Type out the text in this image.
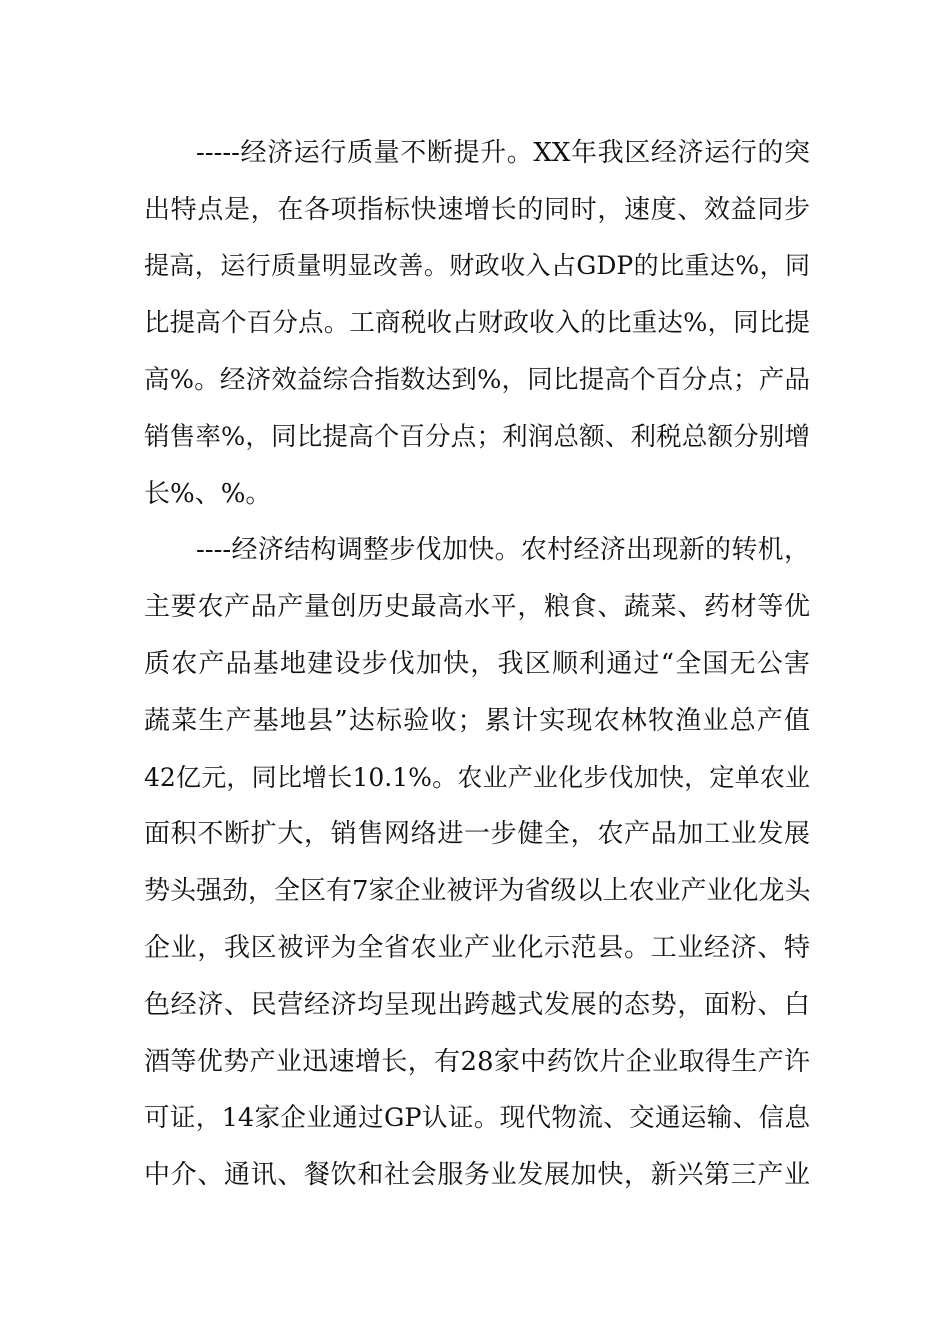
-----经济运行质量不断提升。XX年我区经济运行的突
出特点是，在各项指标快速增长的同时，速度、效益同步
提高，运行质量明显改善。财政收入占GDP的比重达%，同
比提高个百分点。工商税收占财政收入的比重达%，同比提
高%。经济效益综合指数达到%，同比提高个百分点；产品
销售率%，同比提高个百分点；利润总额、利税总额分别增
长%、%。
----经济结构调整步伐加快。农村经济出现新的转机，
主要农产品产量创历史最高水平，粮食、蔬菜、药材等优
质农产品基地建设步伐加快，我区顺利通过“全国无公害
蔬菜生产基地县”达标验收；累计实现农林牧渔业总产值
42亿元，同比增长10.1%。农业产业化步伐加快，定单农业
面积不断扩大，销售网络进一步健全，农产品加工业发展
势头强劲，全区有7家企业被评为省级以上农业产业化龙头
企业，我区被评为全省农业产业化示范县。工业经济、特
色经济、民营经济均呈现出跨越式发展的态势，面粉、白
酒等优势产业迅速增长，有28家中药饮片企业取得生产许
可证，14家企业通过GP认证。现代物流、交通运输、信息
中介、通讯、餐饮和社会服务业发展加快，新兴第三产业
